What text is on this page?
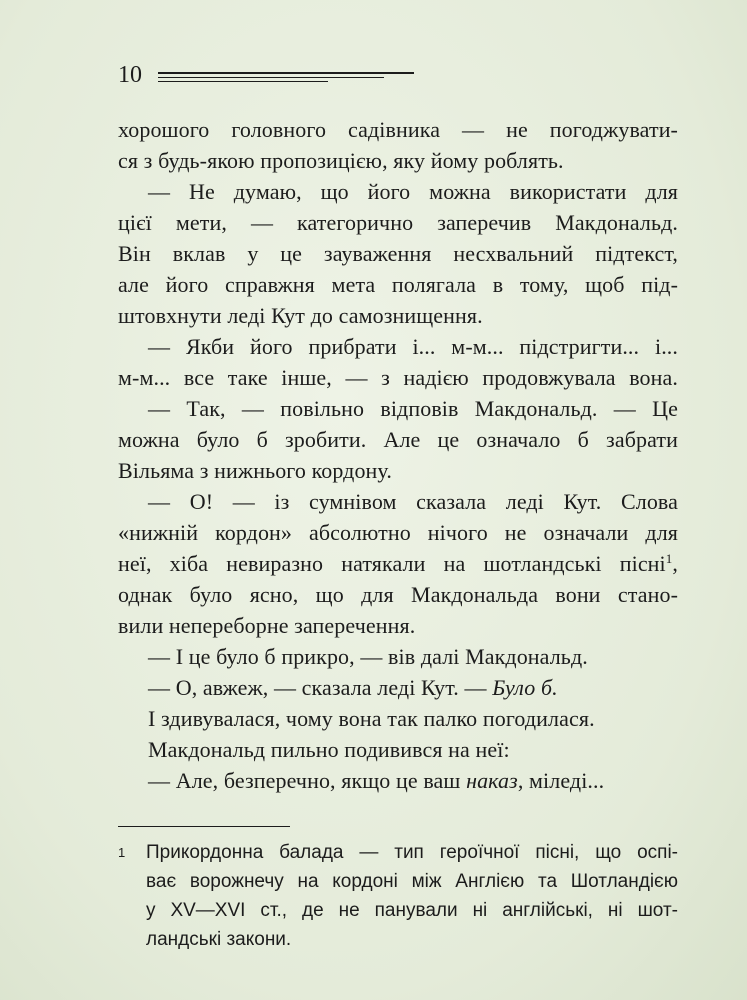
10
хорошого головного садівника — не погоджувати-
ся з будь-якою пропозицією, яку йому роблять.
— Не думаю, що його можна використати для
цієї мети, — категорично заперечив Макдональд.
Він вклав у це зауваження несхвальний підтекст,
але його справжня мета полягала в тому, щоб під-
штовхнути леді Кут до самознищення.
— Якби його прибрати і... м-м... підстригти... і...
м-м... все таке інше, — з надією продовжувала вона.
— Так, — повільно відповів Макдональд. — Це
можна було б зробити. Але це означало б забрати
Вільяма з нижнього кордону.
— О! — із сумнівом сказала леді Кут. Слова
«нижній кордон» абсолютно нічого не означали для
неї, хіба невиразно натякали на шотландські пісні$^1$,
однак було ясно, що для Макдональда вони стано-
вили непереборне заперечення.
— І це було б прикро, — вів далі Макдональд.
— О, авжеж, — сказала леді Кут. — Було б.
І здивувалася, чому вона так палко погодилася.
Макдональд пильно подивився на неї:
— Але, безперечно, якщо це ваш наказ, міледі...
1 Прикордонна балада — тип героїчної пісні, що оспі-
ває ворожнечу на кордоні між Англією та Шотландією
у XV—XVI ст., де не панували ні англійські, ні шот-
ландські закони.
